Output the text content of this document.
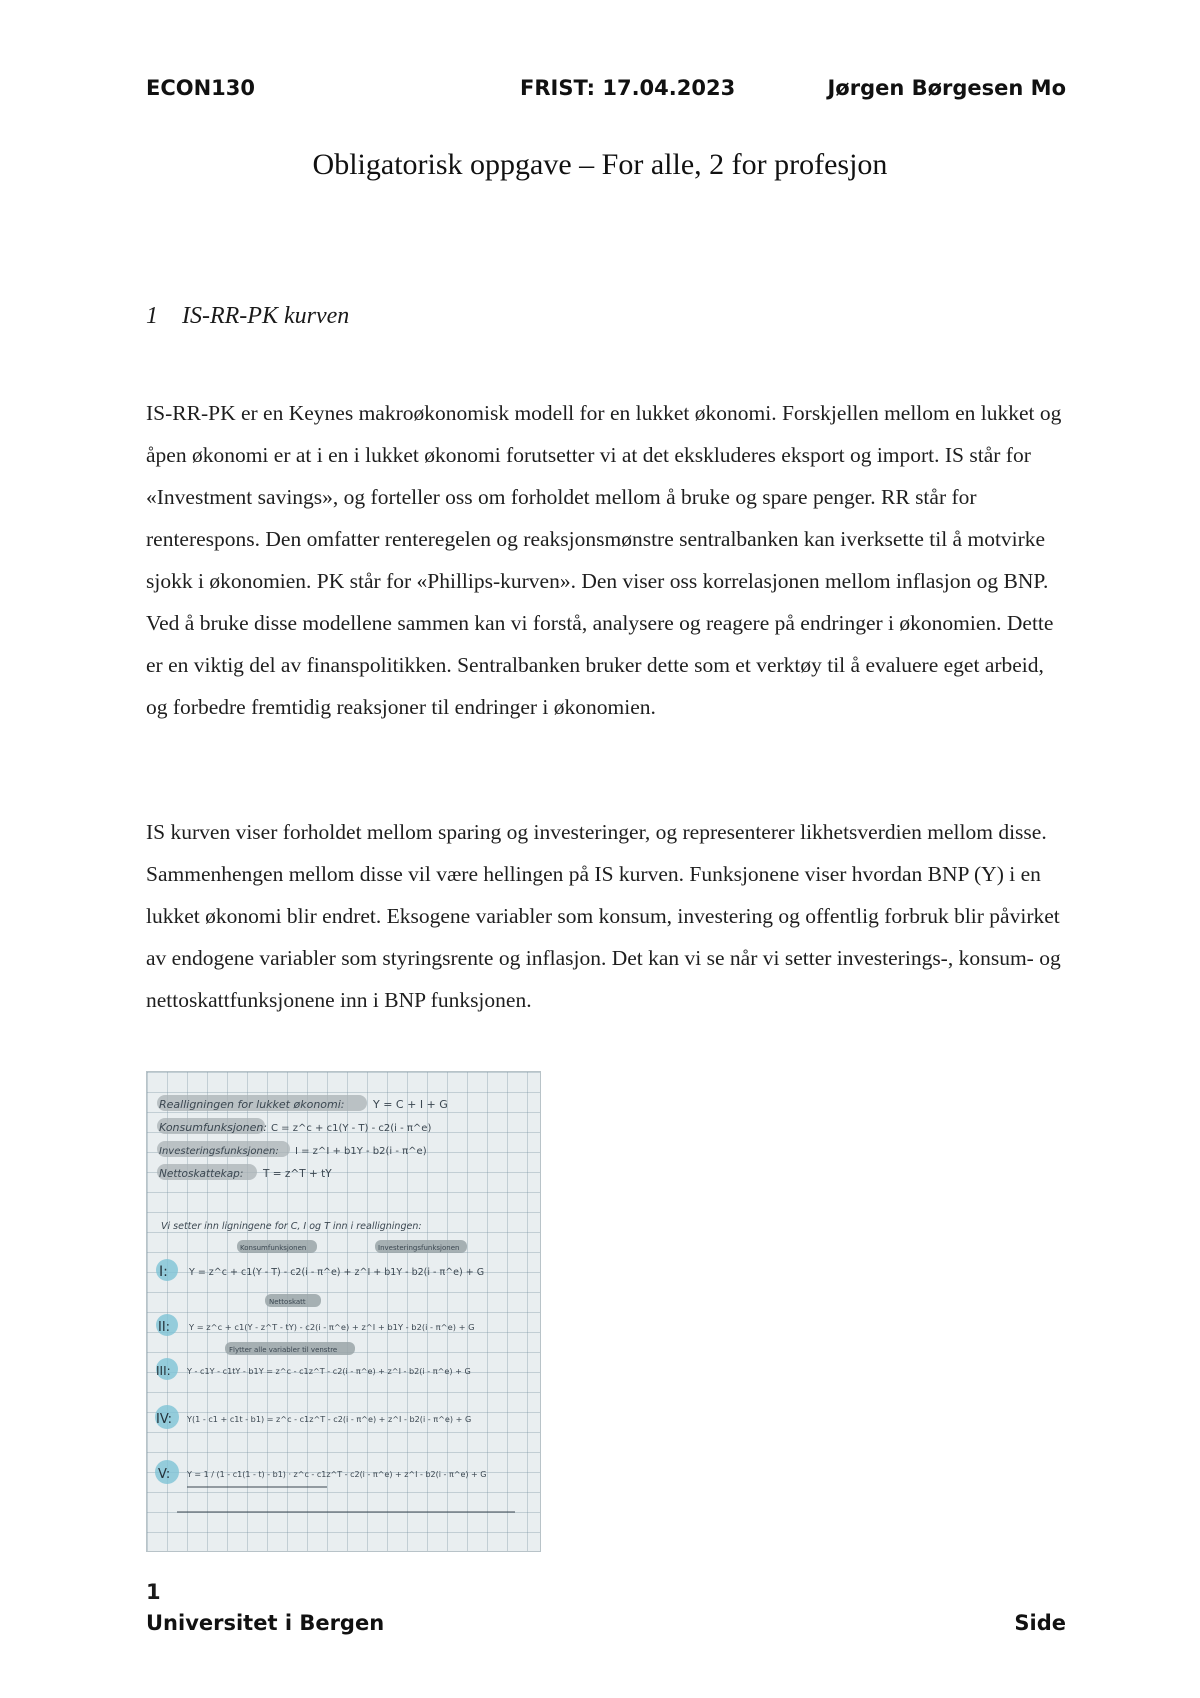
ECON130	FRIST: 17.04.2023	Jørgen Børgesen Mo
Obligatorisk oppgave – For alle, 2 for profesjon
1 IS-RR-PK kurven

IS-RR-PK er en Keynes makroøkonomisk modell for en lukket økonomi. Forskjellen mellom en lukket og åpen økonomi er at i en i lukket økonomi forutsetter vi at det ekskluderes eksport og import. IS står for «Investment savings», og forteller oss om forholdet mellom å bruke og spare penger. RR står for renterespons. Den omfatter renteregelen og reaksjonsmønstre sentralbanken kan iverksette til å motvirke sjokk i økonomien. PK står for «Phillips-kurven». Den viser oss korrelasjonen mellom inflasjon og BNP. Ved å bruke disse modellene sammen kan vi forstå, analysere og reagere på endringer i økonomien. Dette er en viktig del av finanspolitikken. Sentralbanken bruker dette som et verktøy til å evaluere eget arbeid, og forbedre fremtidig reaksjoner til endringer i økonomien.

IS kurven viser forholdet mellom sparing og investeringer, og representerer likhetsverdien mellom disse. Sammenhengen mellom disse vil være hellingen på IS kurven. Funksjonene viser hvordan BNP (Y) i en lukket økonomi blir endret. Eksogene variabler som konsum, investering og offentlig forbruk blir påvirket av endogene variabler som styringsrente og inflasjon. Det kan vi se når vi setter investerings-, konsum- og nettoskattfunksjonene inn i BNP funksjonen.

Realligningen for lukket økonomi:	Y = C + I + G
Konsumfunksjonen: C = z^c + c1(Y - T) - c2(i - π^e)
Investeringsfunksjonen: I = z^I + b1Y - b2(i - π^e)
Nettoskattekap: T = z^T + tY
Vi setter inn ligningene for C, I og T inn i realligningen:
Konsumfunksjonen	Investeringsfunksjonen
I: Y = z^c + c1(Y - T) - c2(i - π^e) + z^I + b1Y - b2(i - π^e) + G
Nettoskatt
II: Y = z^c + c1(Y - z^T - tY) - c2(i - π^e) + z^I + b1Y - b2(i - π^e) + G
Flytter alle variabler til venstre
III: Y - c1Y - c1tY - b1Y = z^c - c1z^T - c2(i - π^e) + z^I - b2(i - π^e) + G
IV: Y(1 - c1 + c1t - b1) = z^c - c1z^T - c2(i - π^e) + z^I - b2(i - π^e) + G
V: Y = 1 / (1 - c1(1 - t) - b1) · z^c - c1z^T - c2(i - π^e) + z^I - b2(i - π^e) + G
1
Universitet i Bergen	Side
